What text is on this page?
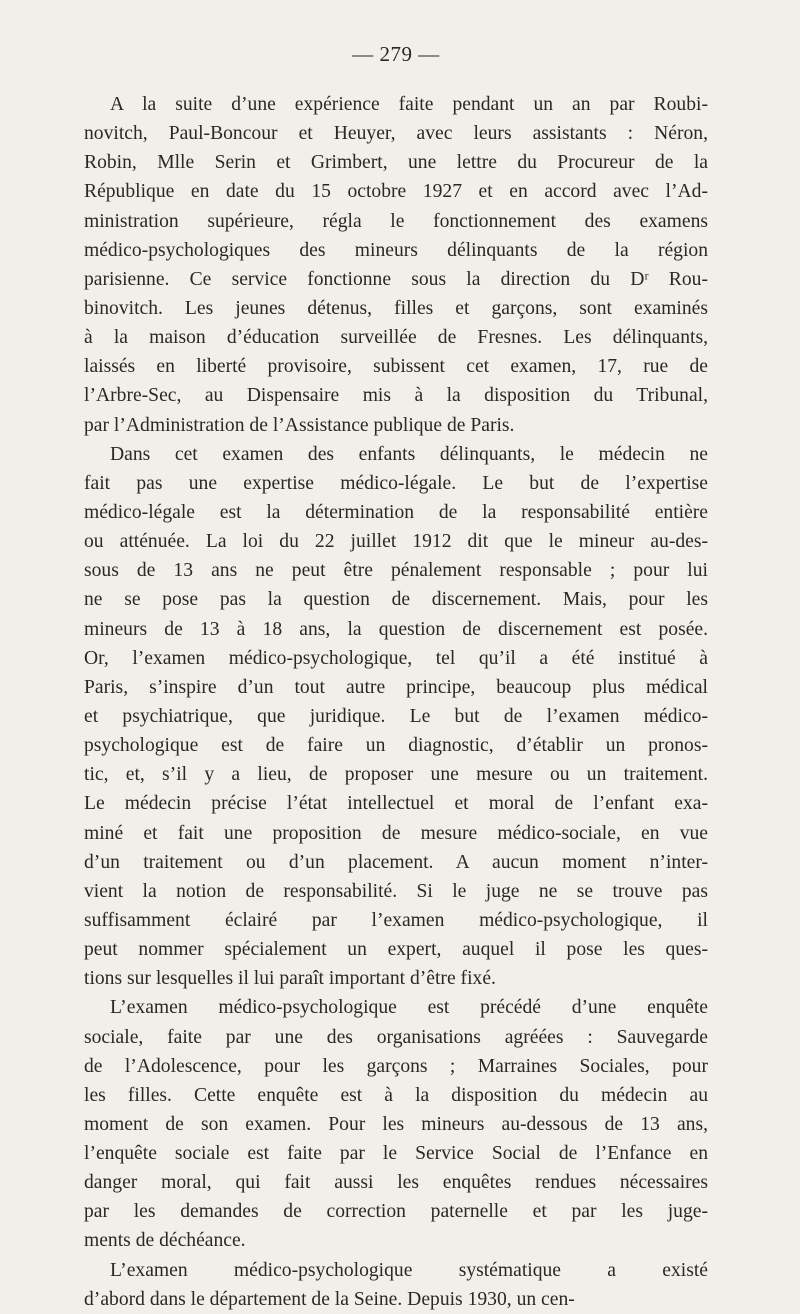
— 279 —
A la suite d’une expérience faite pendant un an par Roubi-
novitch, Paul-Boncour et Heuyer, avec leurs assistants : Néron,
Robin, Mlle Serin et Grimbert, une lettre du Procureur de la
République en date du 15 octobre 1927 et en accord avec l’Ad-
ministration supérieure, régla le fonctionnement des examens
médico-psychologiques des mineurs délinquants de la région
parisienne. Ce service fonctionne sous la direction du Dʳ Rou-
binovitch. Les jeunes détenus, filles et garçons, sont examinés
à la maison d’éducation surveillée de Fresnes. Les délinquants,
laissés en liberté provisoire, subissent cet examen, 17, rue de
l’Arbre-Sec, au Dispensaire mis à la disposition du Tribunal,
par l’Administration de l’Assistance publique de Paris.
Dans cet examen des enfants délinquants, le médecin ne
fait pas une expertise médico-légale. Le but de l’expertise
médico-légale est la détermination de la responsabilité entière
ou atténuée. La loi du 22 juillet 1912 dit que le mineur au-des-
sous de 13 ans ne peut être pénalement responsable ; pour lui
ne se pose pas la question de discernement. Mais, pour les
mineurs de 13 à 18 ans, la question de discernement est posée.
Or, l’examen médico-psychologique, tel qu’il a été institué à
Paris, s’inspire d’un tout autre principe, beaucoup plus médical
et psychiatrique, que juridique. Le but de l’examen médico-
psychologique est de faire un diagnostic, d’établir un pronos-
tic, et, s’il y a lieu, de proposer une mesure ou un traitement.
Le médecin précise l’état intellectuel et moral de l’enfant exa-
miné et fait une proposition de mesure médico-sociale, en vue
d’un traitement ou d’un placement. A aucun moment n’inter-
vient la notion de responsabilité. Si le juge ne se trouve pas
suffisamment éclairé par l’examen médico-psychologique, il
peut nommer spécialement un expert, auquel il pose les ques-
tions sur lesquelles il lui paraît important d’être fixé.
L’examen médico-psychologique est précédé d’une enquête
sociale, faite par une des organisations agréées : Sauvegarde
de l’Adolescence, pour les garçons ; Marraines Sociales, pour
les filles. Cette enquête est à la disposition du médecin au
moment de son examen. Pour les mineurs au-dessous de 13 ans,
l’enquête sociale est faite par le Service Social de l’Enfance en
danger moral, qui fait aussi les enquêtes rendues nécessaires
par les demandes de correction paternelle et par les juge-
ments de déchéance.
L’examen médico-psychologique systématique a existé
d’abord dans le département de la Seine. Depuis 1930, un cen-
